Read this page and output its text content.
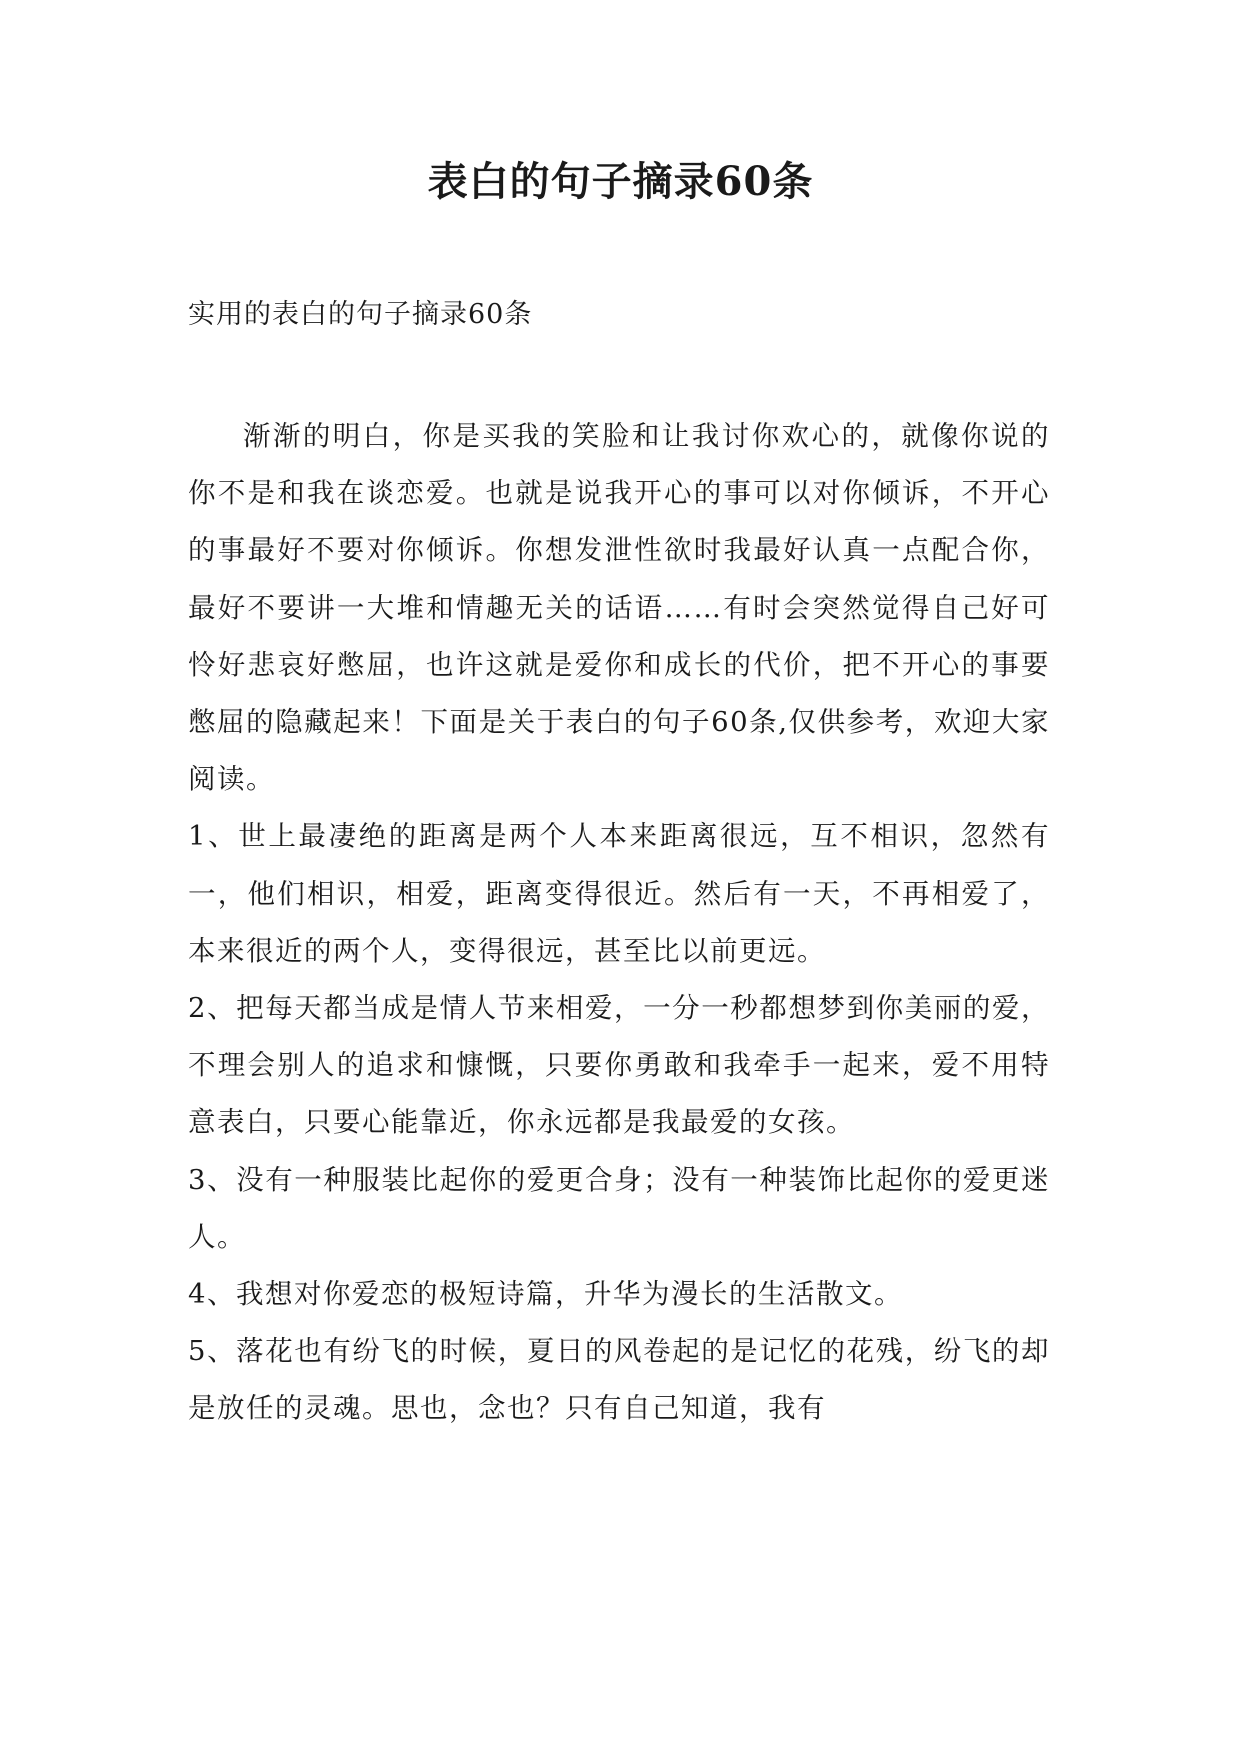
表白的句子摘录60条
实用的表白的句子摘录60条

渐渐的明白，你是买我的笑脸和让我讨你欢心的，就像你说的你不是和我在谈恋爱。也就是说我开心的事可以对你倾诉，不开心的事最好不要对你倾诉。你想发泄性欲时我最好认真一点配合你，最好不要讲一大堆和情趣无关的话语……有时会突然觉得自己好可怜好悲哀好憋屈，也许这就是爱你和成长的代价，把不开心的事要憋屈的隐藏起来！下面是关于表白的句子60条,仅供参考，欢迎大家阅读。

1、世上最凄绝的距离是两个人本来距离很远，互不相识，忽然有一，他们相识，相爱，距离变得很近。然后有一天，不再相爱了，本来很近的两个人，变得很远，甚至比以前更远。

2、把每天都当成是情人节来相爱，一分一秒都想梦到你美丽的爱，不理会别人的追求和慷慨，只要你勇敢和我牵手一起来，爱不用特意表白，只要心能靠近，你永远都是我最爱的女孩。

3、没有一种服装比起你的爱更合身；没有一种装饰比起你的爱更迷人。

4、我想对你爱恋的极短诗篇，升华为漫长的生活散文。

5、落花也有纷飞的时候，夏日的风卷起的是记忆的花残，纷飞的却是放任的灵魂。思也，念也？只有自己知道，我有
